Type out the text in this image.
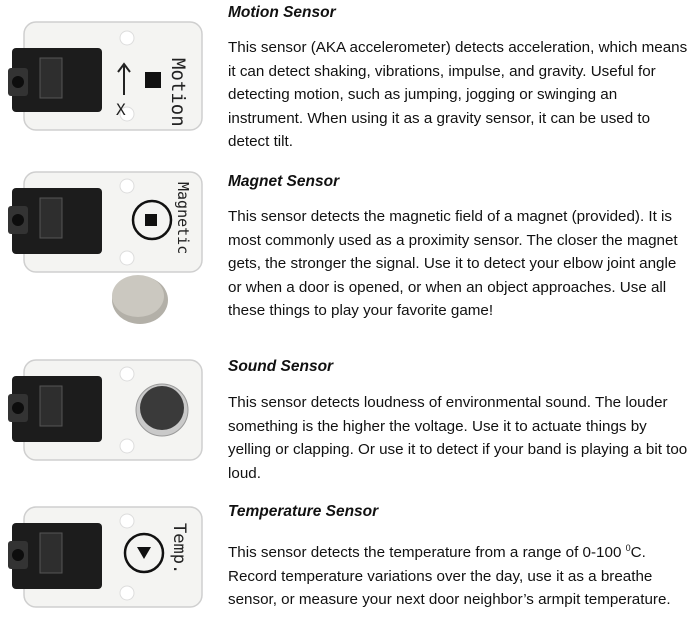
X Motion

Motion Sensor

This sensor (AKA accelerometer) detects acceleration, which means it can detect shaking, vibrations, impulse, and gravity. Useful for detecting motion, such as jumping, jogging or swinging an instrument. When using it as a gravity sensor, it can be used to detect tilt.

Magnetic

Magnet Sensor

This sensor detects the magnetic field of a magnet (provided). It is most commonly used as a proximity sensor. The closer the magnet gets, the stronger the signal. Use it to detect your elbow joint angle or when a door is opened, or when an object approaches. Use all these things to play your favorite game!

Sound Sensor

This sensor detects loudness of environmental sound. The louder something is the higher the voltage. Use it to actuate things by yelling or clapping. Or use it to detect if your band is playing a bit too loud.

Temp.

Temperature Sensor

This sensor detects the temperature from a range of 0-100 $^0$C. Record temperature variations over the day, use it as a breathe sensor, or measure your next door neighbor’s armpit temperature.
